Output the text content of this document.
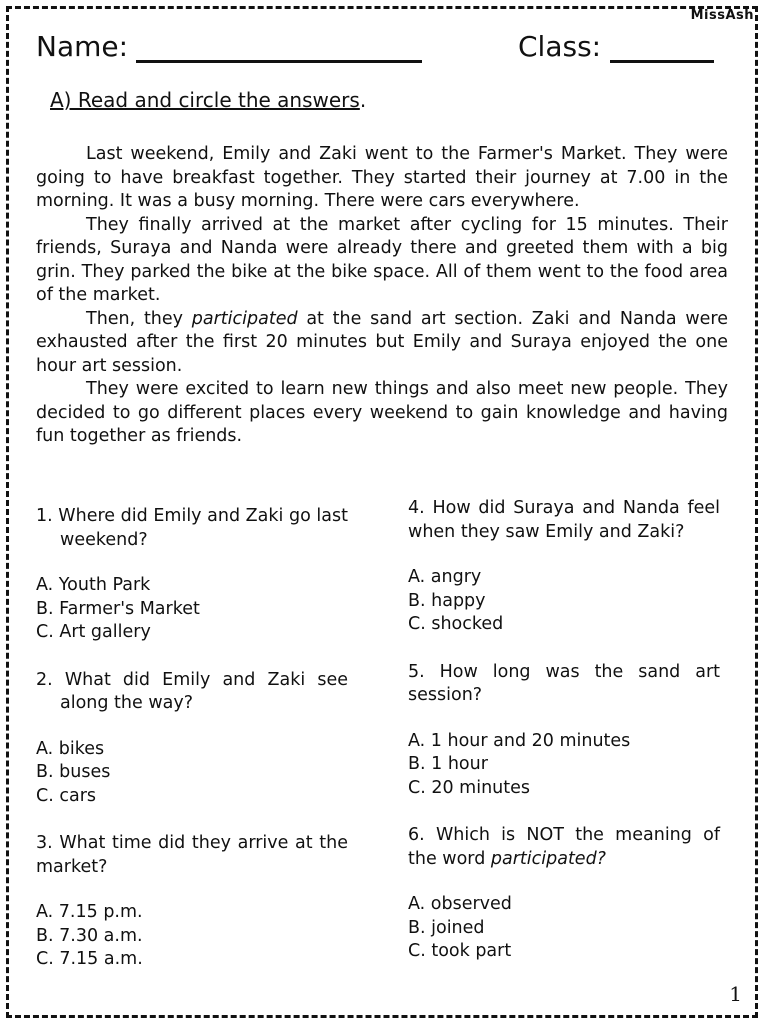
MissAsh
Name:	Class:
A) Read and circle the answers.

Last weekend, Emily and Zaki went to the Farmer's Market. They were going to have breakfast together. They started their journey at 7.00 in the morning. It was a busy morning. There were cars everywhere.

They finally arrived at the market after cycling for 15 minutes. Their friends, Suraya and Nanda were already there and greeted them with a big grin. They parked the bike at the bike space. All of them went to the food area of the market.

Then, they participated at the sand art section. Zaki and Nanda were exhausted after the first 20 minutes but Emily and Suraya enjoyed the one hour art session.

They were excited to learn new things and also meet new people. They decided to go different places every weekend to gain knowledge and having fun together as friends.

1. Where did Emily and Zaki go last weekend?

A. Youth Park
B. Farmer's Market
C. Art gallery

2. What did Emily and Zaki see along the way?

A. bikes
B. buses
C. cars

3. What time did they arrive at the market?

A. 7.15 p.m.
B. 7.30 a.m.
C. 7.15 a.m.

4. How did Suraya and Nanda feel when they saw Emily and Zaki?

A. angry
B. happy
C. shocked

5. How long was the sand art session?

A. 1 hour and 20 minutes
B. 1 hour
C. 20 minutes

6. Which is NOT the meaning of the word participated?

A. observed
B. joined
C. took part
1
